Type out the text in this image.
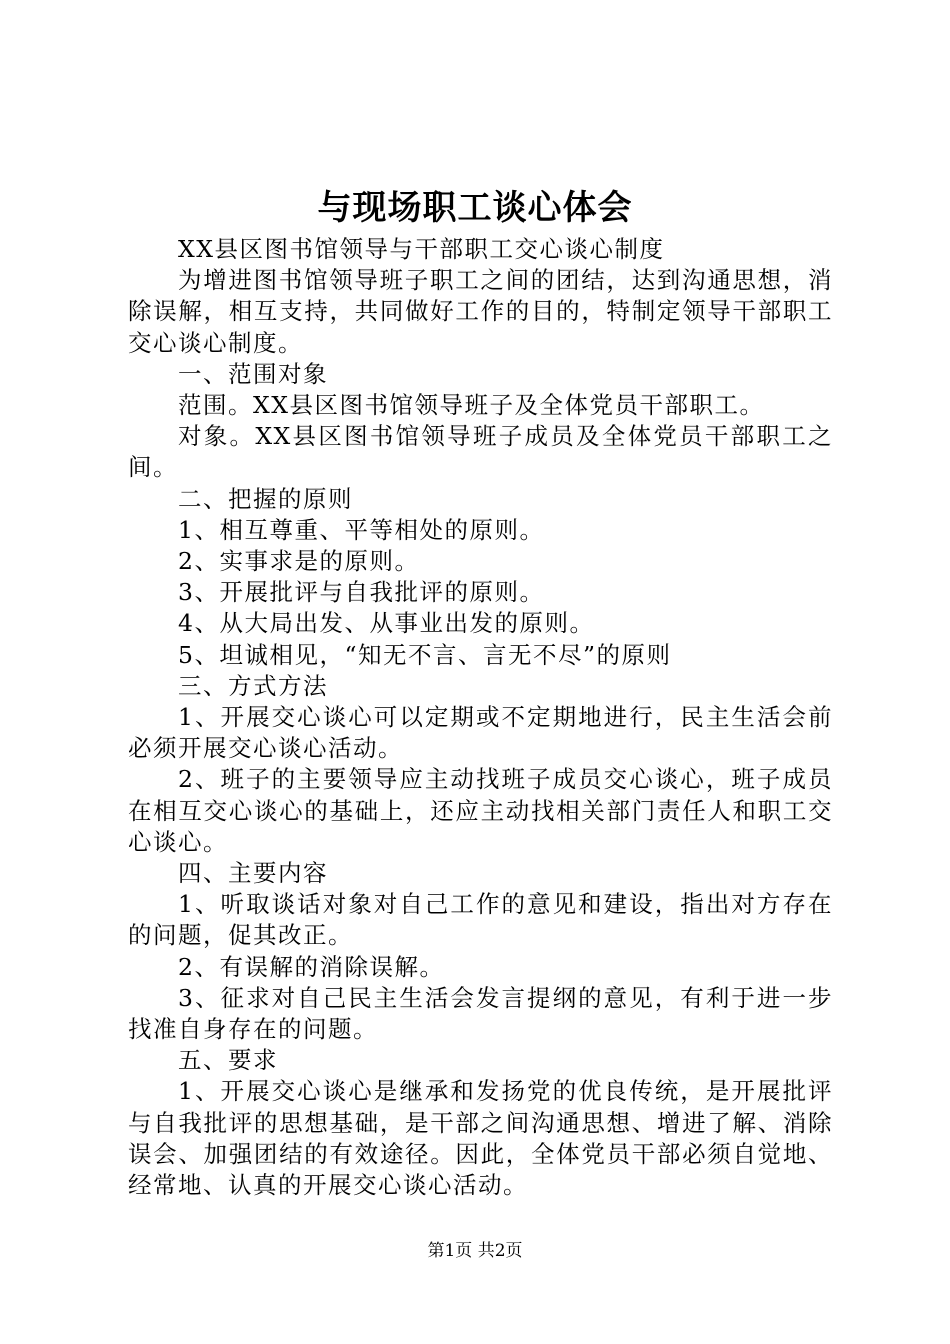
与现场职工谈心体会

XX县区图书馆领导与干部职工交心谈心制度

为增进图书馆领导班子职工之间的团结，达到沟通思想，消除误解，相互支持，共同做好工作的目的，特制定领导干部职工交心谈心制度。

一、范围对象

范围。XX县区图书馆领导班子及全体党员干部职工。

对象。XX县区图书馆领导班子成员及全体党员干部职工之间。

二、把握的原则

1、相互尊重、平等相处的原则。

2、实事求是的原则。

3、开展批评与自我批评的原则。

4、从大局出发、从事业出发的原则。

5、坦诚相见，“知无不言、言无不尽”的原则

三、方式方法

1、开展交心谈心可以定期或不定期地进行，民主生活会前必须开展交心谈心活动。

2、班子的主要领导应主动找班子成员交心谈心，班子成员在相互交心谈心的基础上，还应主动找相关部门责任人和职工交心谈心。

四、主要内容

1、听取谈话对象对自己工作的意见和建设，指出对方存在的问题，促其改正。

2、有误解的消除误解。

3、征求对自己民主生活会发言提纲的意见，有利于进一步找准自身存在的问题。

五、要求

1、开展交心谈心是继承和发扬党的优良传统，是开展批评与自我批评的思想基础，是干部之间沟通思想、增进了解、消除误会、加强团结的有效途径。因此，全体党员干部必须自觉地、经常地、认真的开展交心谈心活动。

第1页 共2页
